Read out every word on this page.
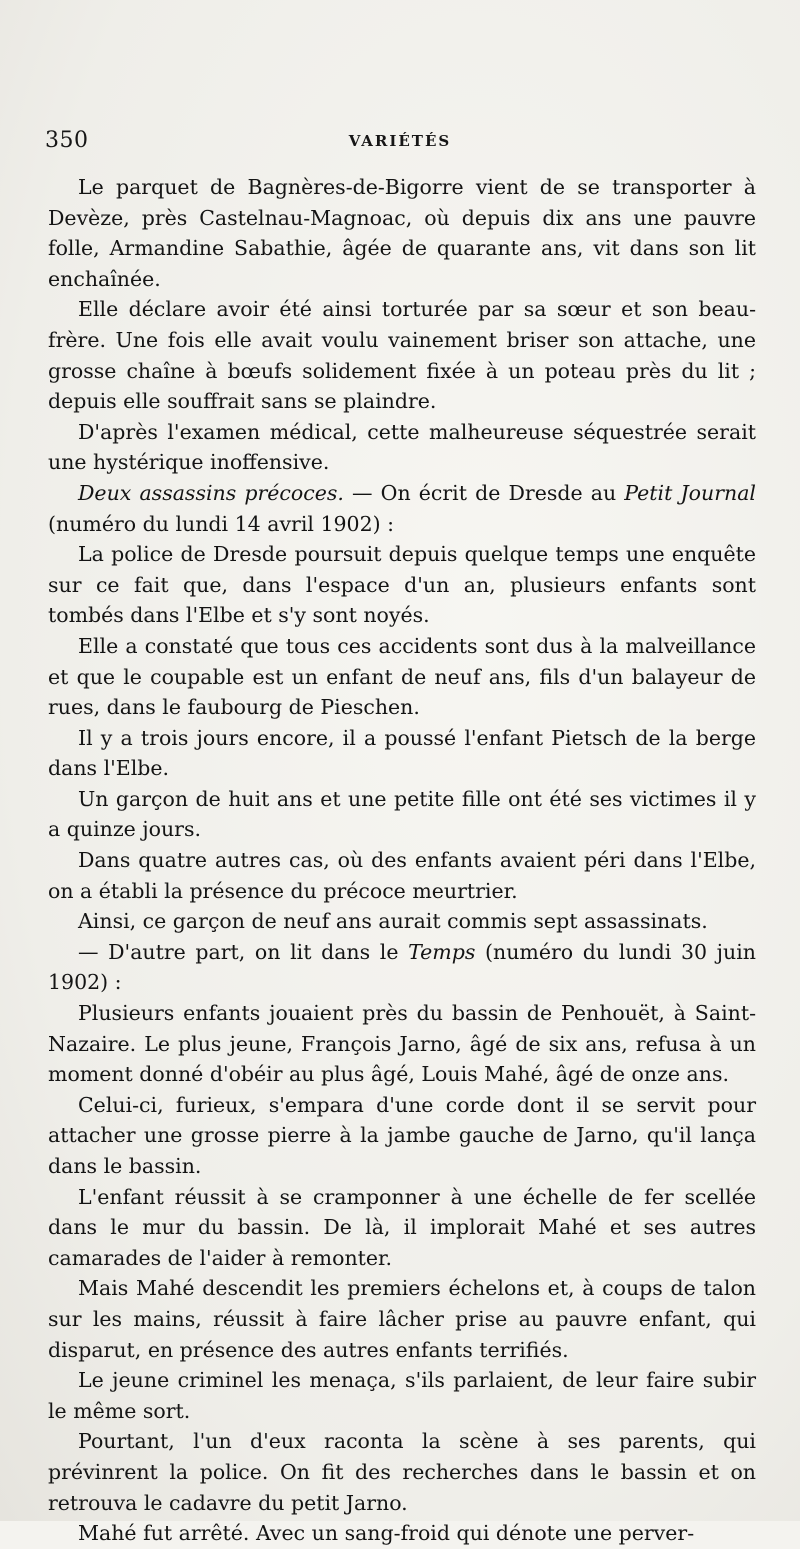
350	VARIÉTÉS

Le parquet de Bagnères-de-Bigorre vient de se transporter à Devèze, près Castelnau-Magnoac, où depuis dix ans une pauvre folle, Armandine Sabathie, âgée de quarante ans, vit dans son lit enchaînée.

Elle déclare avoir été ainsi torturée par sa sœur et son beau-frère. Une fois elle avait voulu vainement briser son attache, une grosse chaîne à bœufs solidement fixée à un poteau près du lit ; depuis elle souffrait sans se plaindre.

D'après l'examen médical, cette malheureuse séquestrée serait une hystérique inoffensive.

Deux assassins précoces. — On écrit de Dresde au Petit Journal (numéro du lundi 14 avril 1902) :

La police de Dresde poursuit depuis quelque temps une enquête sur ce fait que, dans l'espace d'un an, plusieurs enfants sont tombés dans l'Elbe et s'y sont noyés.

Elle a constaté que tous ces accidents sont dus à la malveillance et que le coupable est un enfant de neuf ans, fils d'un balayeur de rues, dans le faubourg de Pieschen.

Il y a trois jours encore, il a poussé l'enfant Pietsch de la berge dans l'Elbe.

Un garçon de huit ans et une petite fille ont été ses victimes il y a quinze jours.

Dans quatre autres cas, où des enfants avaient péri dans l'Elbe, on a établi la présence du précoce meurtrier.

Ainsi, ce garçon de neuf ans aurait commis sept assassinats.

— D'autre part, on lit dans le Temps (numéro du lundi 30 juin 1902) :

Plusieurs enfants jouaient près du bassin de Penhouët, à Saint-Nazaire. Le plus jeune, François Jarno, âgé de six ans, refusa à un moment donné d'obéir au plus âgé, Louis Mahé, âgé de onze ans.

Celui-ci, furieux, s'empara d'une corde dont il se servit pour attacher une grosse pierre à la jambe gauche de Jarno, qu'il lança dans le bassin.

L'enfant réussit à se cramponner à une échelle de fer scellée dans le mur du bassin. De là, il implorait Mahé et ses autres camarades de l'aider à remonter.

Mais Mahé descendit les premiers échelons et, à coups de talon sur les mains, réussit à faire lâcher prise au pauvre enfant, qui disparut, en présence des autres enfants terrifiés.

Le jeune criminel les menaça, s'ils parlaient, de leur faire subir le même sort.

Pourtant, l'un d'eux raconta la scène à ses parents, qui prévinrent la police. On fit des recherches dans le bassin et on retrouva le cadavre du petit Jarno.

Mahé fut arrêté. Avec un sang-froid qui dénote une perver-
